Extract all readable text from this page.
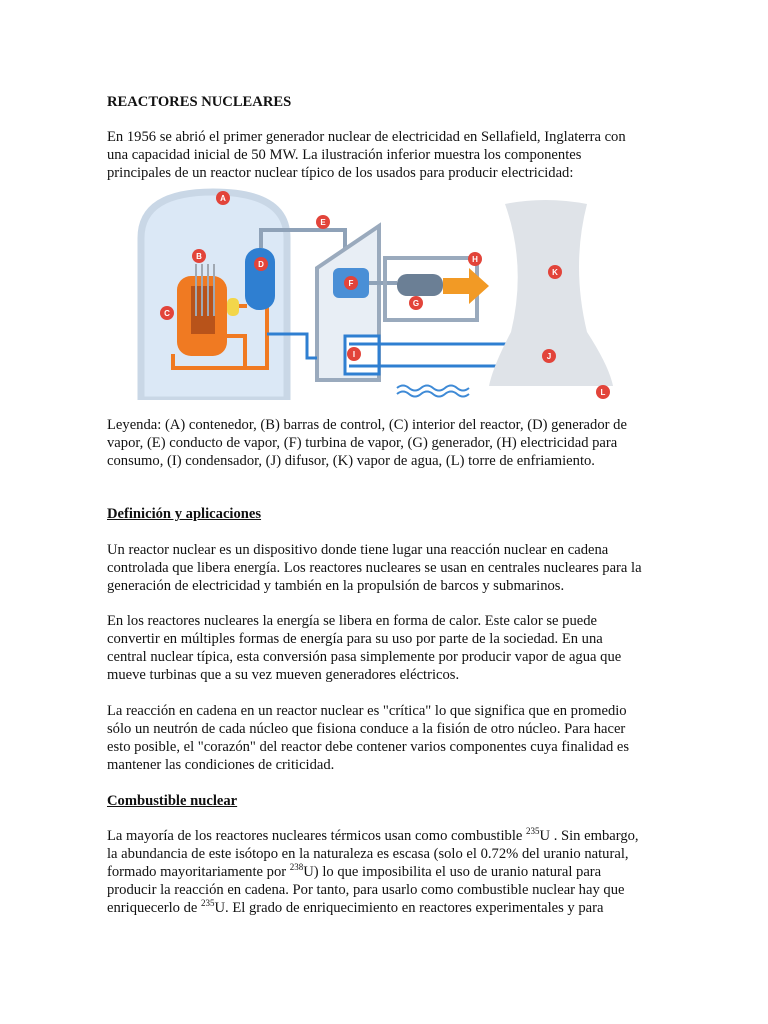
REACTORES NUCLEARES
En 1956 se abrió el primer generador nuclear de electricidad en Sellafield, Inglaterra con
una capacidad inicial de 50 MW. La ilustración inferior muestra los componentes
principales de un reactor nuclear típico de los usados para producir electricidad:
Leyenda: (A) contenedor, (B) barras de control, (C) interior del reactor, (D) generador de
vapor, (E) conducto de vapor, (F) turbina de vapor, (G) generador, (H) electricidad para
consumo, (I) condensador, (J) difusor, (K) vapor de agua, (L) torre de enfriamiento.
Definición y aplicaciones
Un reactor nuclear es un dispositivo donde tiene lugar una reacción nuclear en cadena
controlada que libera energía. Los reactores nucleares se usan en centrales nucleares para la
generación de electricidad y también en la propulsión de barcos y submarinos.
En los reactores nucleares la energía se libera en forma de calor. Este calor se puede
convertir en múltiples formas de energía para su uso por parte de la sociedad. En una
central nuclear típica, esta conversión pasa simplemente por producir vapor de agua que
mueve turbinas que a su vez mueven generadores eléctricos.
La reacción en cadena en un reactor nuclear es "crítica" lo que significa que en promedio
sólo un neutrón de cada núcleo que fisiona conduce a la fisión de otro núcleo. Para hacer
esto posible, el "corazón" del reactor debe contener varios componentes cuya finalidad es
mantener las condiciones de criticidad.
Combustible nuclear
La mayoría de los reactores nucleares térmicos usan como combustible $^{235}$U . Sin embargo,
la abundancia de este isótopo en la naturaleza es escasa (solo el 0.72% del uranio natural,
formado mayoritariamente por $^{238}$U) lo que imposibilita el uso de uranio natural para
producir la reacción en cadena. Por tanto, para usarlo como combustible nuclear hay que
enriquecerlo de $^{235}$U. El grado de enriquecimiento en reactores experimentales y para
A
B
C
D
E
F
G
H
I	J
K
L
